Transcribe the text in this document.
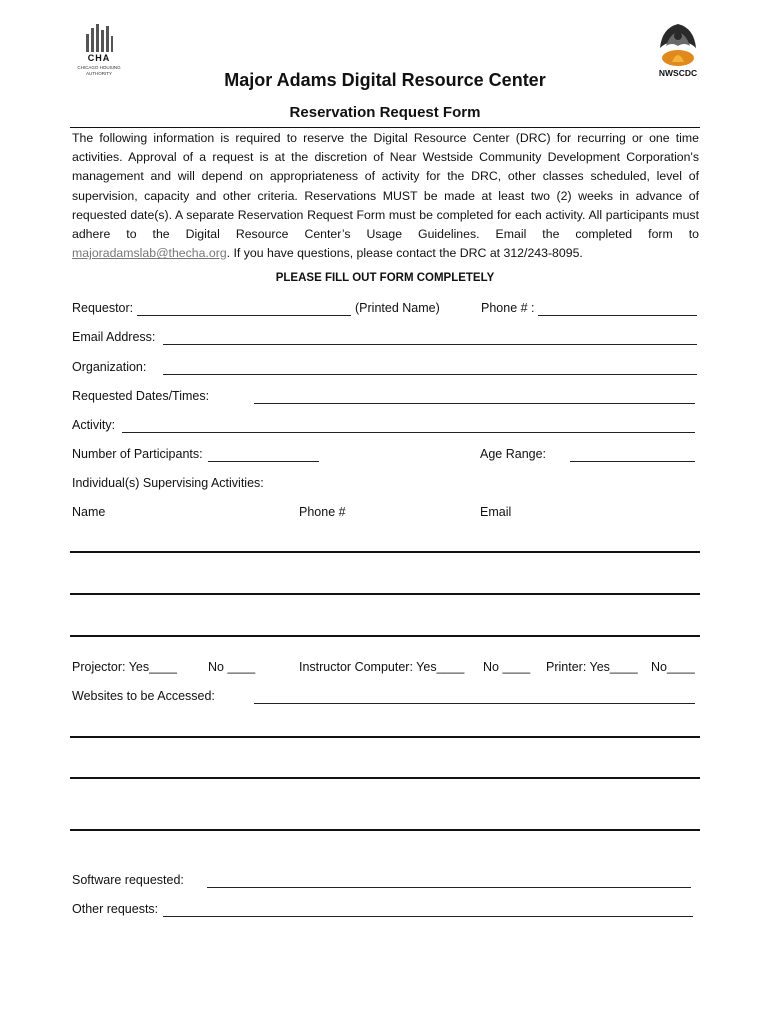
CHA
CHICAGO HOUSING AUTHORITY	NWSCDC
Major Adams Digital Resource Center
Reservation Request Form
The following information is required to reserve the Digital Resource Center (DRC) for recurring or one time activities. Approval of a request is at the discretion of Near Westside Community Development Corporation's management and will depend on appropriateness of activity for the DRC, other classes scheduled, level of supervision, capacity and other criteria. Reservations MUST be made at least two (2) weeks in advance of requested date(s). A separate Reservation Request Form must be completed for each activity. All participants must adhere to the Digital Resource Center’s Usage Guidelines. Email the completed form to majoradamslab@thecha.org. If you have questions, please contact the DRC at 312/243-8095.
PLEASE FILL OUT FORM COMPLETELY
Requestor:	(Printed Name)	Phone # :
Email Address:
Organization:
Requested Dates/Times:
Activity:
Number of Participants:	Age Range:
Individual(s) Supervising Activities:
Name	Phone #	Email
Projector: Yes____ No ____	Instructor Computer: Yes____ No ____ Printer: Yes____ No____
Websites to be Accessed:
Software requested:
Other requests:
